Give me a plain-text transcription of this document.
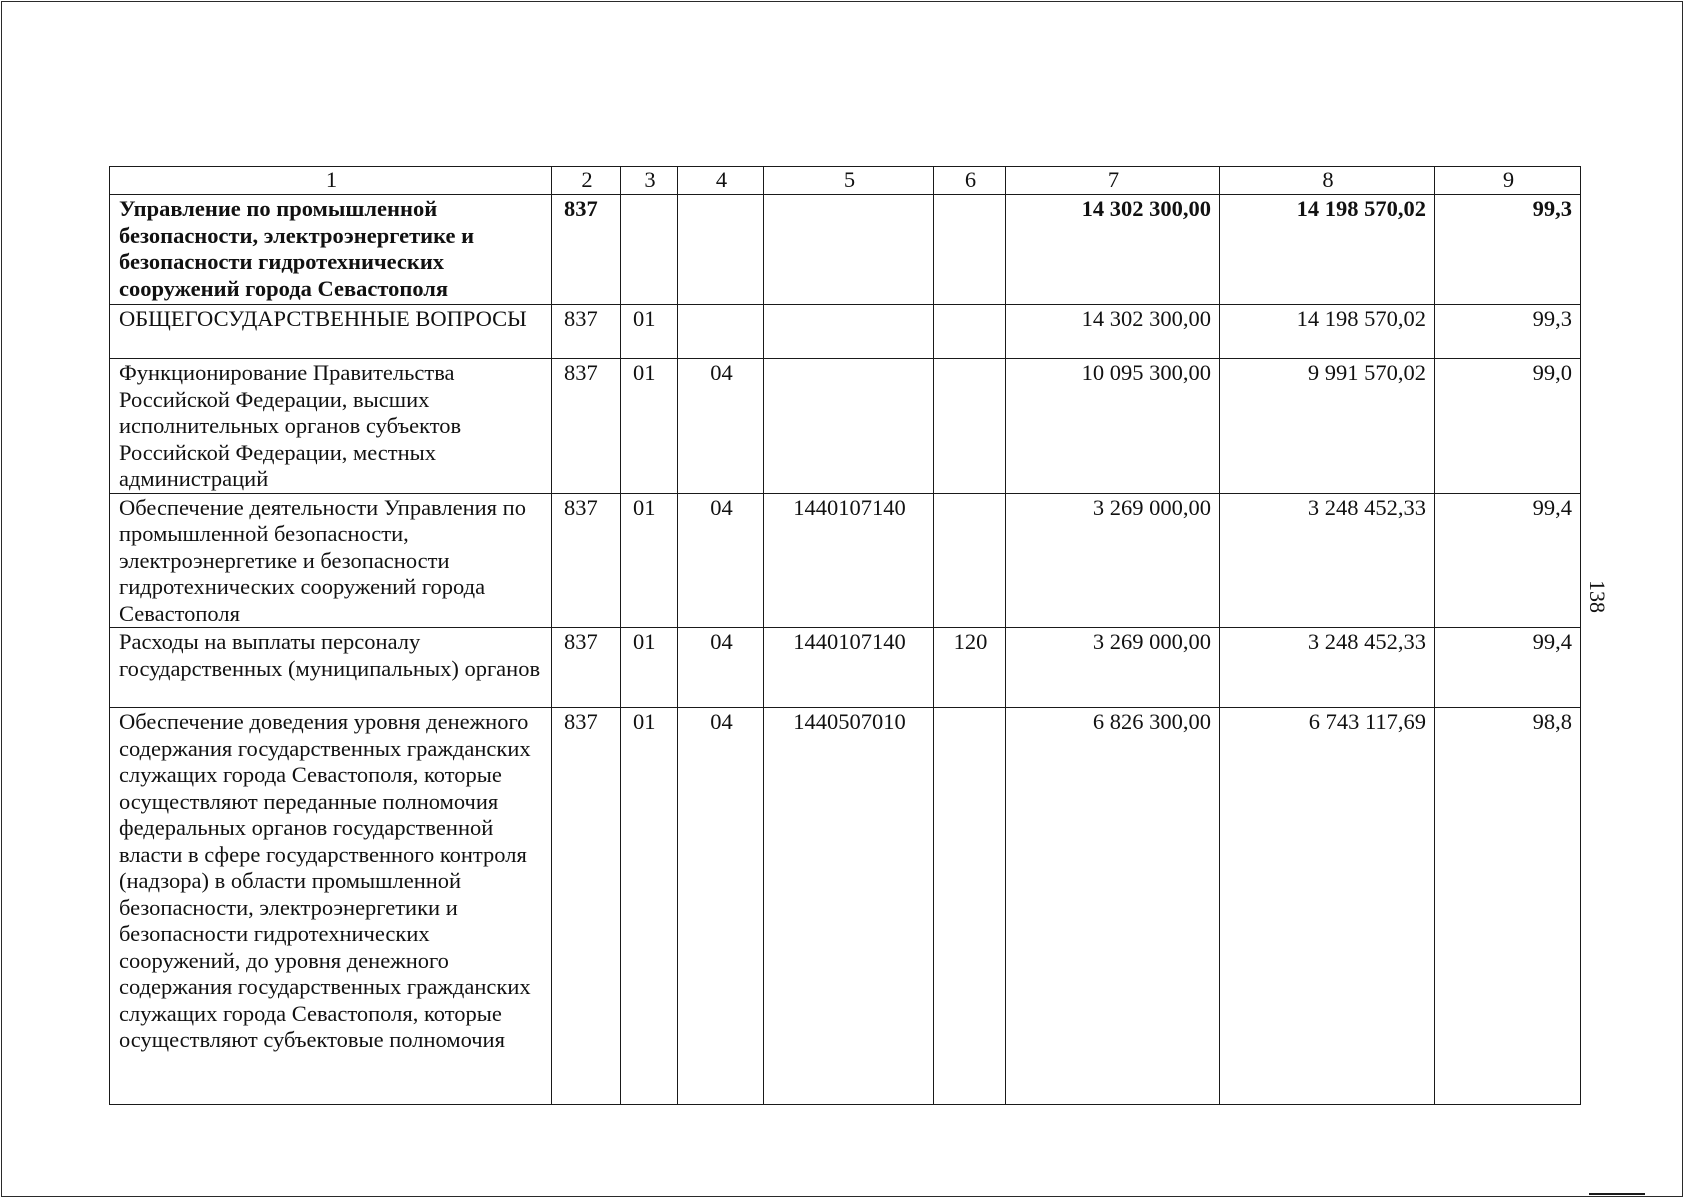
1	2	3	4	5	6	7	8	9
Управление по промышленной безопасности, электроэнергетике и безопасности гидротехнических сооружений города Севастополя	837					14 302 300,00	14 198 570,02	99,3
ОБЩЕГОСУДАРСТВЕННЫЕ ВОПРОСЫ	837	01				14 302 300,00	14 198 570,02	99,3
Функционирование Правительства Российской Федерации, высших исполнительных органов субъектов Российской Федерации, местных администраций	837	01	04			10 095 300,00	9 991 570,02	99,0
Обеспечение деятельности Управления по промышленной безопасности, электроэнергетике и безопасности гидротехнических сооружений города Севастополя	837	01	04	1440107140		3 269 000,00	3 248 452,33	99,4
Расходы на выплаты персоналу государственных (муниципальных) органов	837	01	04	1440107140	120	3 269 000,00	3 248 452,33	99,4
Обеспечение доведения уровня денежного содержания государственных гражданских служащих города Севастополя, которые осуществляют переданные полномочия федеральных органов государственной власти в сфере государственного контроля (надзора) в области промышленной безопасности, электроэнергетики и безопасности гидротехнических сооружений, до уровня денежного содержания государственных гражданских служащих города Севастополя, которые осуществляют субъектовые полномочия	837	01	04	1440507010		6 826 300,00	6 743 117,69	98,8
138
